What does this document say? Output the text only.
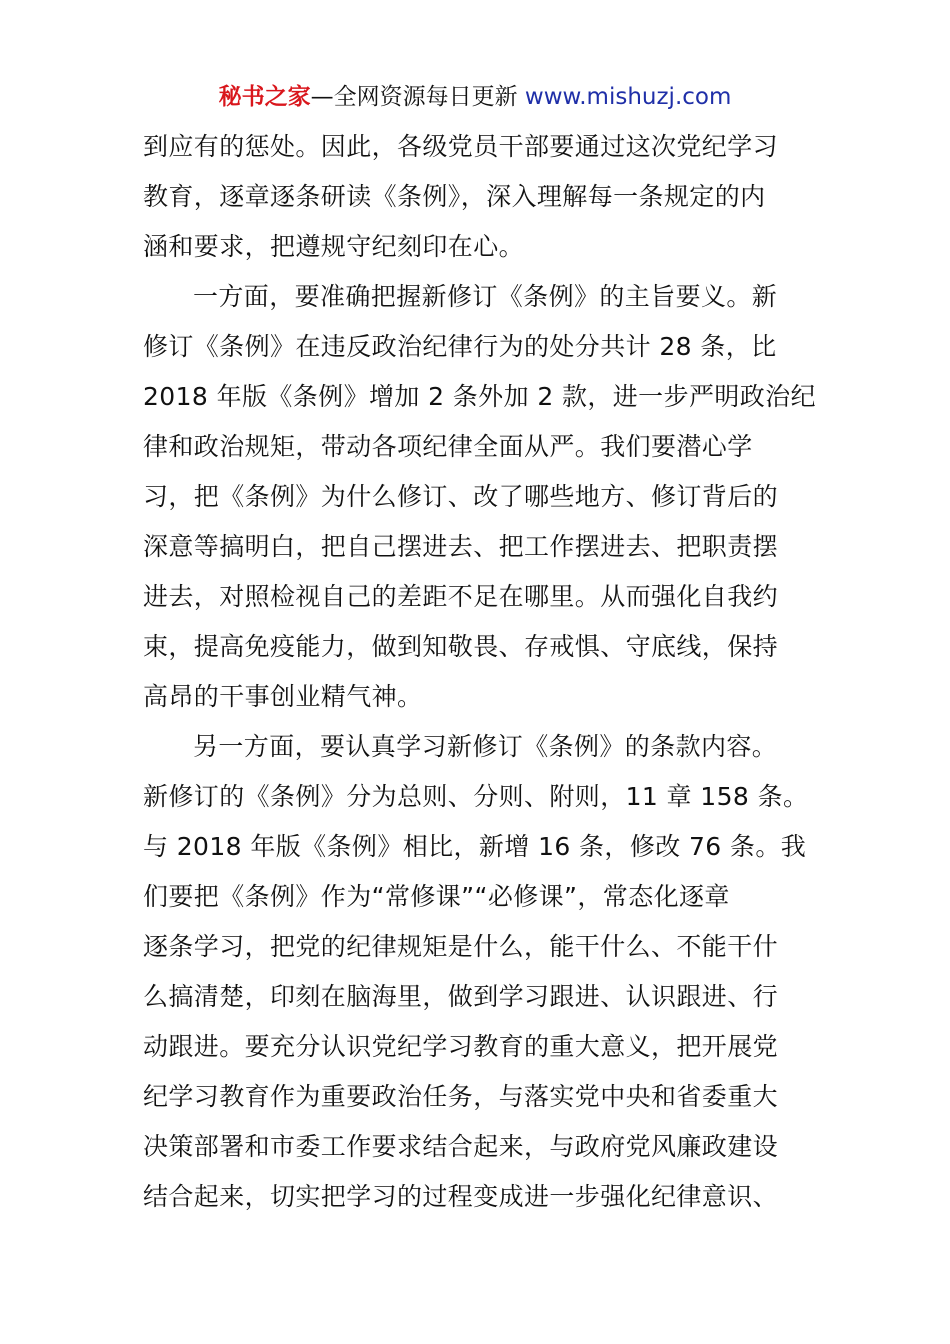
秘书之家—全网资源每日更新 www.mishuzj.com
到应有的惩处。因此，各级党员干部要通过这次党纪学习
教育，逐章逐条研读《条例》，深入理解每一条规定的内
涵和要求，把遵规守纪刻印在心。
一方面，要准确把握新修订《条例》的主旨要义。新
修订《条例》在违反政治纪律行为的处分共计 28 条，比
2018 年版《条例》增加 2 条外加 2 款，进一步严明政治纪
律和政治规矩，带动各项纪律全面从严。我们要潜心学
习，把《条例》为什么修订、改了哪些地方、修订背后的
深意等搞明白，把自己摆进去、把工作摆进去、把职责摆
进去，对照检视自己的差距不足在哪里。从而强化自我约
束，提高免疫能力，做到知敬畏、存戒惧、守底线，保持
高昂的干事创业精气神。
另一方面，要认真学习新修订《条例》的条款内容。
新修订的《条例》分为总则、分则、附则，11 章 158 条。
与 2018 年版《条例》相比，新增 16 条，修改 76 条。我
们要把《条例》作为“常修课”“必修课”，常态化逐章
逐条学习，把党的纪律规矩是什么，能干什么、不能干什
么搞清楚，印刻在脑海里，做到学习跟进、认识跟进、行
动跟进。要充分认识党纪学习教育的重大意义，把开展党
纪学习教育作为重要政治任务，与落实党中央和省委重大
决策部署和市委工作要求结合起来，与政府党风廉政建设
结合起来，切实把学习的过程变成进一步强化纪律意识、
